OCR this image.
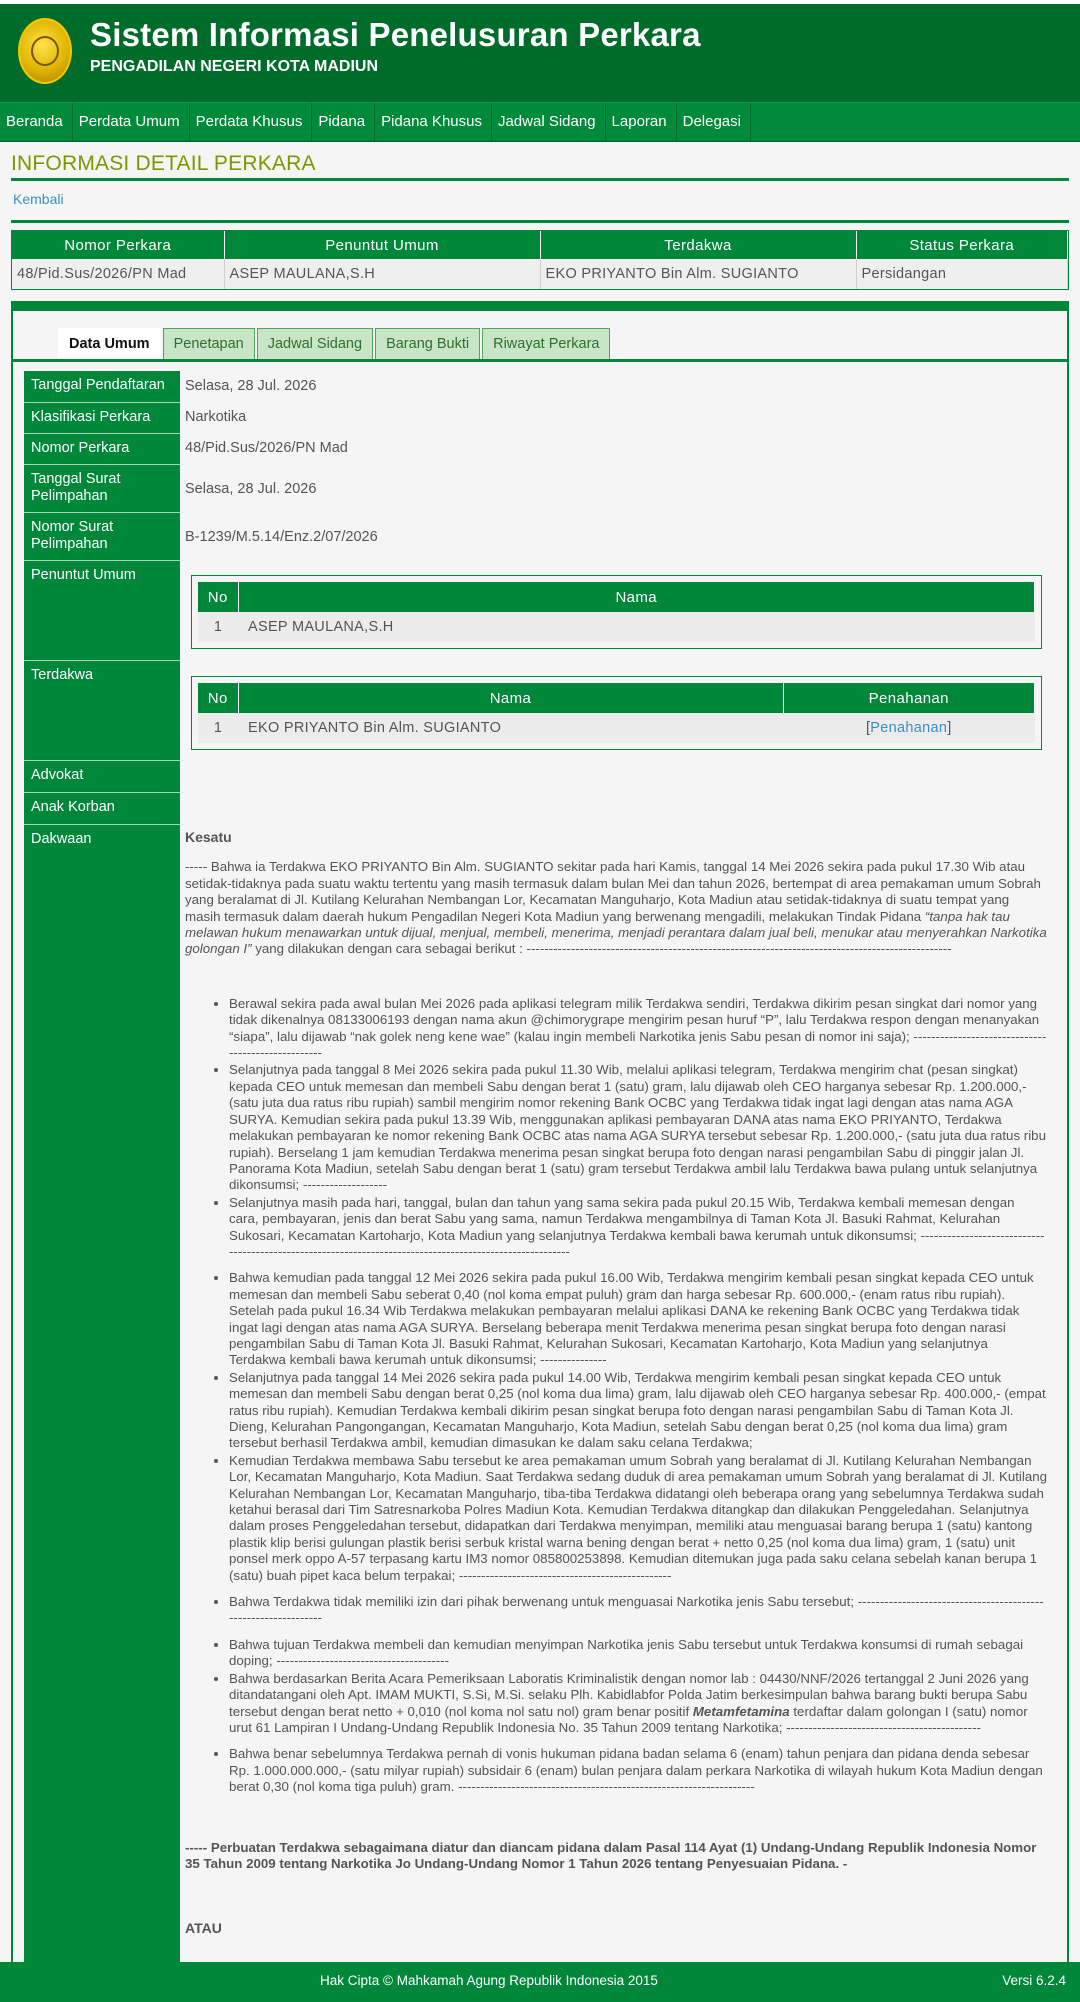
Sistem Informasi Penelusuran Perkara
PENGADILAN NEGERI KOTA MADIUN
Beranda	Perdata Umum	Perdata Khusus	Pidana	Pidana Khusus	Jadwal Sidang	Laporan	Delegasi
INFORMASI DETAIL PERKARA
Kembali
Nomor Perkara	Penuntut Umum	Terdakwa	Status Perkara
48/Pid.Sus/2026/PN Mad	ASEP MAULANA,S.H	EKO PRIYANTO Bin Alm. SUGIANTO	Persidangan
Data Umum	Penetapan	Jadwal Sidang	Barang Bukti	Riwayat Perkara
Tanggal Pendaftaran	Selasa, 28 Jul. 2026
Klasifikasi Perkara	Narkotika
Nomor Perkara	48/Pid.Sus/2026/PN Mad
Tanggal Surat Pelimpahan	Selasa, 28 Jul. 2026
Nomor Surat Pelimpahan	B-1239/M.5.14/Enz.2/07/2026
Penuntut Umum
No	Nama
1	ASEP MAULANA,S.H
Terdakwa
No	Nama	Penahanan
1	EKO PRIYANTO Bin Alm. SUGIANTO	[Penahanan]
Advokat
Anak Korban
Dakwaan	Kesatu

----- Bahwa ia Terdakwa EKO PRIYANTO Bin Alm. SUGIANTO sekitar pada hari Kamis, tanggal 14 Mei 2026 sekira pada pukul 17.30 Wib atau setidak-tidaknya pada suatu waktu tertentu yang masih termasuk dalam bulan Mei dan tahun 2026, bertempat di area pemakaman umum Sobrah yang beralamat di Jl. Kutilang Kelurahan Nembangan Lor, Kecamatan Manguharjo, Kota Madiun atau setidak-tidaknya di suatu tempat yang masih termasuk dalam daerah hukum Pengadilan Negeri Kota Madiun yang berwenang mengadili, melakukan Tindak Pidana “tanpa hak tau melawan hukum menawarkan untuk dijual, menjual, membeli, menerima, menjadi perantara dalam jual beli, menukar atau menyerahkan Narkotika golongan I” yang dilakukan dengan cara sebagai berikut : ------------------------------------------------------------------------------------------------

• Berawal sekira pada awal bulan Mei 2026 pada aplikasi telegram milik Terdakwa sendiri, Terdakwa dikirim pesan singkat dari nomor yang tidak dikenalnya 08133006193 dengan nama akun @chimorygrape mengirim pesan huruf “P”, lalu Terdakwa respon dengan menanyakan “siapa”, lalu dijawab “nak golek neng kene wae” (kalau ingin membeli Narkotika jenis Sabu pesan di nomor ini saja); ---------------------------------------------------
• Selanjutnya pada tanggal 8 Mei 2026 sekira pada pukul 11.30 Wib, melalui aplikasi telegram, Terdakwa mengirim chat (pesan singkat) kepada CEO untuk memesan dan membeli Sabu dengan berat 1 (satu) gram, lalu dijawab oleh CEO harganya sebesar Rp. 1.200.000,- (satu juta dua ratus ribu rupiah) sambil mengirim nomor rekening Bank OCBC yang Terdakwa tidak ingat lagi dengan atas nama AGA SURYA. Kemudian sekira pada pukul 13.39 Wib, menggunakan aplikasi pembayaran DANA atas nama EKO PRIYANTO, Terdakwa melakukan pembayaran ke nomor rekening Bank OCBC atas nama AGA SURYA tersebut sebesar Rp. 1.200.000,- (satu juta dua ratus ribu rupiah). Berselang 1 jam kemudian Terdakwa menerima pesan singkat berupa foto dengan narasi pengambilan Sabu di pinggir jalan Jl. Panorama Kota Madiun, setelah Sabu dengan berat 1 (satu) gram tersebut Terdakwa ambil lalu Terdakwa bawa pulang untuk selanjutnya dikonsumsi; -------------------
• Selanjutnya masih pada hari, tanggal, bulan dan tahun yang sama sekira pada pukul 20.15 Wib, Terdakwa kembali memesan dengan cara, pembayaran, jenis dan berat Sabu yang sama, namun Terdakwa mengambilnya di Taman Kota Jl. Basuki Rahmat, Kelurahan Sukosari, Kecamatan Kartoharjo, Kota Madiun yang selanjutnya Terdakwa kembali bawa kerumah untuk dikonsumsi; ---------------------------------------------------------------------------------------------------------
• Bahwa kemudian pada tanggal 12 Mei 2026 sekira pada pukul 16.00 Wib, Terdakwa mengirim kembali pesan singkat kepada CEO untuk memesan dan membeli Sabu seberat 0,40 (nol koma empat puluh) gram dan harga sebesar Rp. 600.000,- (enam ratus ribu rupiah). Setelah pada pukul 16.34 Wib Terdakwa melakukan pembayaran melalui aplikasi DANA ke rekening Bank OCBC yang Terdakwa tidak ingat lagi dengan atas nama AGA SURYA. Berselang beberapa menit Terdakwa menerima pesan singkat berupa foto dengan narasi pengambilan Sabu di Taman Kota Jl. Basuki Rahmat, Kelurahan Sukosari, Kecamatan Kartoharjo, Kota Madiun yang selanjutnya Terdakwa kembali bawa kerumah untuk dikonsumsi; ---------------
• Selanjutnya pada tanggal 14 Mei 2026 sekira pada pukul 14.00 Wib, Terdakwa mengirim kembali pesan singkat kepada CEO untuk memesan dan membeli Sabu dengan berat 0,25 (nol koma dua lima) gram, lalu dijawab oleh CEO harganya sebesar Rp. 400.000,- (empat ratus ribu rupiah). Kemudian Terdakwa kembali dikirim pesan singkat berupa foto dengan narasi pengambilan Sabu di Taman Kota Jl. Dieng, Kelurahan Pangongangan, Kecamatan Manguharjo, Kota Madiun, setelah Sabu dengan berat 0,25 (nol koma dua lima) gram tersebut berhasil Terdakwa ambil, kemudian dimasukan ke dalam saku celana Terdakwa;
• Kemudian Terdakwa membawa Sabu tersebut ke area pemakaman umum Sobrah yang beralamat di Jl. Kutilang Kelurahan Nembangan Lor, Kecamatan Manguharjo, Kota Madiun. Saat Terdakwa sedang duduk di area pemakaman umum Sobrah yang beralamat di Jl. Kutilang Kelurahan Nembangan Lor, Kecamatan Manguharjo, tiba-tiba Terdakwa didatangi oleh beberapa orang yang sebelumnya Terdakwa sudah ketahui berasal dari Tim Satresnarkoba Polres Madiun Kota. Kemudian Terdakwa ditangkap dan dilakukan Penggeledahan. Selanjutnya dalam proses Penggeledahan tersebut, didapatkan dari Terdakwa menyimpan, memiliki atau menguasai barang berupa 1 (satu) kantong plastik klip berisi gulungan plastik berisi serbuk kristal warna bening dengan berat + netto 0,25 (nol koma dua lima) gram, 1 (satu) unit ponsel merk oppo A-57 terpasang kartu IM3 nomor 085800253898. Kemudian ditemukan juga pada saku celana sebelah kanan berupa 1 (satu) buah pipet kaca belum terpakai; ------------------------------------------------
• Bahwa Terdakwa tidak memiliki izin dari pihak berwenang untuk menguasai Narkotika jenis Sabu tersebut; ---------------------------------------------------------------
• Bahwa tujuan Terdakwa membeli dan kemudian menyimpan Narkotika jenis Sabu tersebut untuk Terdakwa konsumsi di rumah sebagai doping; ---------------------------------------
• Bahwa berdasarkan Berita Acara Pemeriksaan Laboratis Kriminalistik dengan nomor lab : 04430/NNF/2026 tertanggal 2 Juni 2026 yang ditandatangani oleh Apt. IMAM MUKTI, S.Si, M.Si. selaku Plh. Kabidlabfor Polda Jatim berkesimpulan bahwa barang bukti berupa Sabu tersebut dengan berat netto + 0,010 (nol koma nol satu nol) gram benar positif Metamfetamina terdaftar dalam golongan I (satu) nomor urut 61 Lampiran I Undang-Undang Republik Indonesia No. 35 Tahun 2009 tentang Narkotika; --------------------------------------------
• Bahwa benar sebelumnya Terdakwa pernah di vonis hukuman pidana badan selama 6 (enam) tahun penjara dan pidana denda sebesar Rp. 1.000.000.000,- (satu milyar rupiah) subsidair 6 (enam) bulan penjara dalam perkara Narkotika di wilayah hukum Kota Madiun dengan berat 0,30 (nol koma tiga puluh) gram. -------------------------------------------------------------------

----- Perbuatan Terdakwa sebagaimana diatur dan diancam pidana dalam Pasal 114 Ayat (1) Undang-Undang Republik Indonesia Nomor 35 Tahun 2009 tentang Narkotika Jo Undang-Undang Nomor 1 Tahun 2026 tentang Penyesuaian Pidana. -

ATAU

Hak Cipta © Mahkamah Agung Republik Indonesia 2015	Versi 6.2.4
